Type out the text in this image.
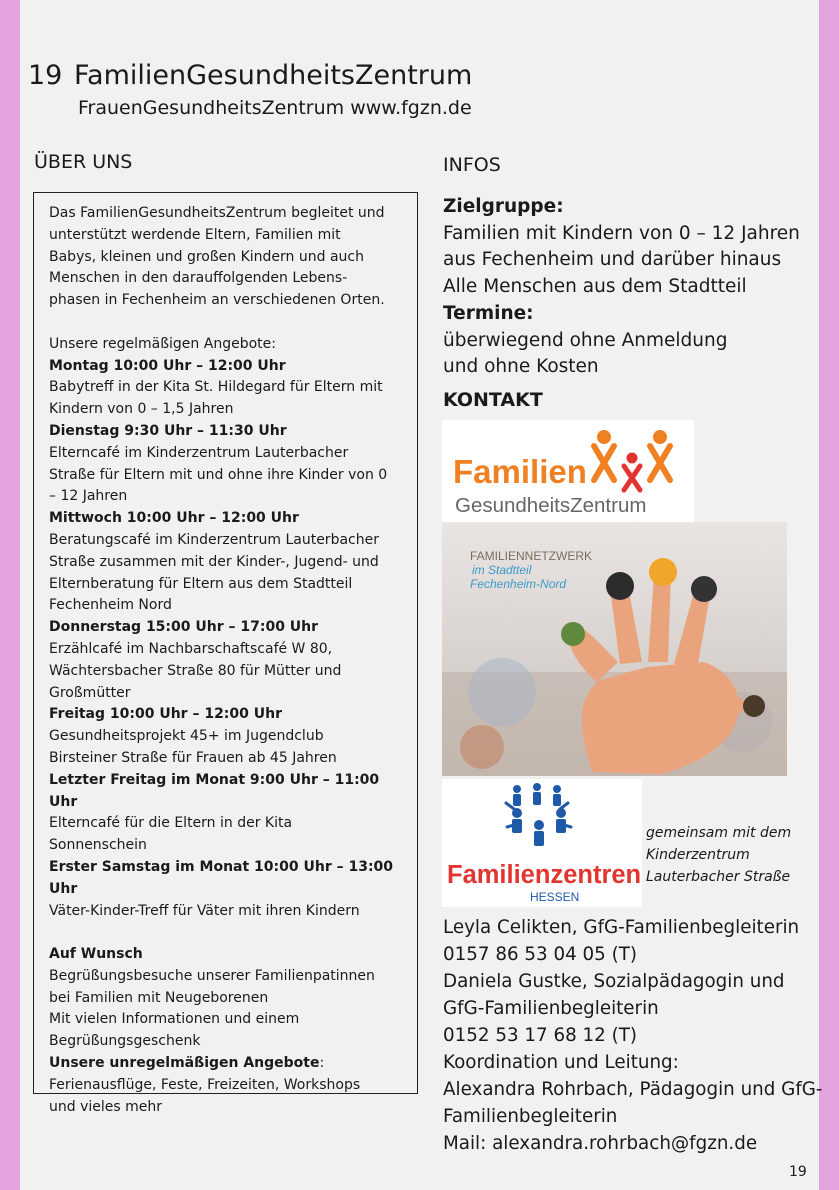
19 FamilienGesundheitsZentrum
FrauenGesundheitsZentrum www.fgzn.de
ÜBER UNS	INFOS

Das FamilienGesundheitsZentrum begleitet und

unterstützt werdende Eltern, Familien mit

Babys, kleinen und großen Kindern und auch

Menschen in den darauffolgenden Lebens-

phasen in Fechenheim an verschiedenen Orten.

Unsere regelmäßigen Angebote:

Montag 10:00 Uhr – 12:00 Uhr

Babytreff in der Kita St. Hildegard für Eltern mit

Kindern von 0 – 1,5 Jahren

Dienstag 9:30 Uhr – 11:30 Uhr

Elterncafé im Kinderzentrum Lauterbacher

Straße für Eltern mit und ohne ihre Kinder von 0

– 12 Jahren

Mittwoch 10:00 Uhr – 12:00 Uhr

Beratungscafé im Kinderzentrum Lauterbacher

Straße zusammen mit der Kinder-, Jugend- und

Elternberatung für Eltern aus dem Stadtteil

Fechenheim Nord

Donnerstag 15:00 Uhr – 17:00 Uhr

Erzählcafé im Nachbarschaftscafé W 80,

Wächtersbacher Straße 80 für Mütter und

Großmütter

Freitag 10:00 Uhr – 12:00 Uhr

Gesundheitsprojekt 45+ im Jugendclub

Birsteiner Straße für Frauen ab 45 Jahren

Letzter Freitag im Monat 9:00 Uhr – 11:00 Uhr

Elterncafé für die Eltern in der Kita

Sonnenschein

Erster Samstag im Monat 10:00 Uhr – 13:00 Uhr

Väter-Kinder-Treff für Väter mit ihren Kindern

Auf Wunsch

Begrüßungsbesuche unserer Familienpatinnen

bei Familien mit Neugeborenen

Mit vielen Informationen und einem

Begrüßungsgeschenk

Unsere unregelmäßigen Angebote:

Ferienausflüge, Feste, Freizeiten, Workshops

und vieles mehr

Zielgruppe:
Familien mit Kindern von 0 – 12 Jahren
aus Fechenheim und darüber hinaus
Alle Menschen aus dem Stadtteil
Termine:
überwiegend ohne Anmeldung
und ohne Kosten
KONTAKT
Familien
GesundheitsZentrum
FAMILIENNETZWERK
im Stadtteil
Fechenheim-Nord
Familienzentren
HESSEN
gemeinsam mit dem
Kinderzentrum
Lauterbacher Straße
Leyla Celikten, GfG-Familienbegleiterin
0157 86 53 04 05 (T)
Daniela Gustke, Sozialpädagogin und
GfG-Familienbegleiterin
0152 53 17 68 12 (T)
Koordination und Leitung:
Alexandra Rohrbach, Pädagogin und GfG-
Familienbegleiterin
Mail: alexandra.rohrbach@fgzn.de
19
